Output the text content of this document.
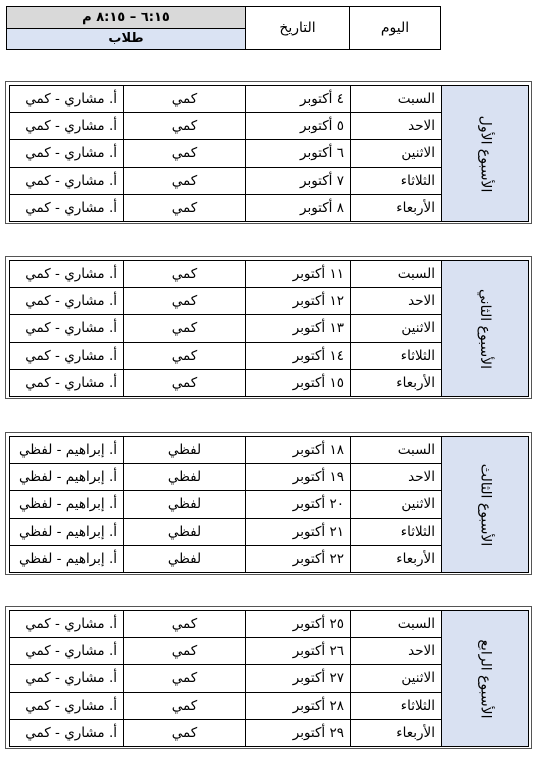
٦:١٥ – ٨:١٥ م	التاريخ	اليوم
طلاب
أ. مشاري - كمي	كمي	٤ أكتوبر	السبت	الأسبوع الأول

أ. مشاري - كمي	كمي	٥ أكتوبر	الاحد	
أ. مشاري - كمي	كمي	٦ أكتوبر	الاثنين	
أ. مشاري - كمي	كمي	٧ أكتوبر	الثلاثاء	
أ. مشاري - كمي	كمي	٨ أكتوبر	الأربعاء	
أ. مشاري - كمي	كمي	١١ أكتوبر	السبت	الأسبوع الثاني

أ. مشاري - كمي	كمي	١٢ أكتوبر	الاحد	
أ. مشاري - كمي	كمي	١٣ أكتوبر	الاثنين	
أ. مشاري - كمي	كمي	١٤ أكتوبر	الثلاثاء	
أ. مشاري - كمي	كمي	١٥ أكتوبر	الأربعاء	
أ. إبراهيم - لفظي	لفظي	١٨ أكتوبر	السبت	الأسبوع الثالث

أ. إبراهيم - لفظي	لفظي	١٩ أكتوبر	الاحد	
أ. إبراهيم - لفظي	لفظي	٢٠ أكتوبر	الاثنين	
أ. إبراهيم - لفظي	لفظي	٢١ أكتوبر	الثلاثاء	
أ. إبراهيم - لفظي	لفظي	٢٢ أكتوبر	الأربعاء	
أ. مشاري - كمي	كمي	٢٥ أكتوبر	السبت	الأسبوع الرابع

أ. مشاري - كمي	كمي	٢٦ أكتوبر	الاحد	
أ. مشاري - كمي	كمي	٢٧ أكتوبر	الاثنين	
أ. مشاري - كمي	كمي	٢٨ أكتوبر	الثلاثاء	
أ. مشاري - كمي	كمي	٢٩ أكتوبر	الأربعاء	
